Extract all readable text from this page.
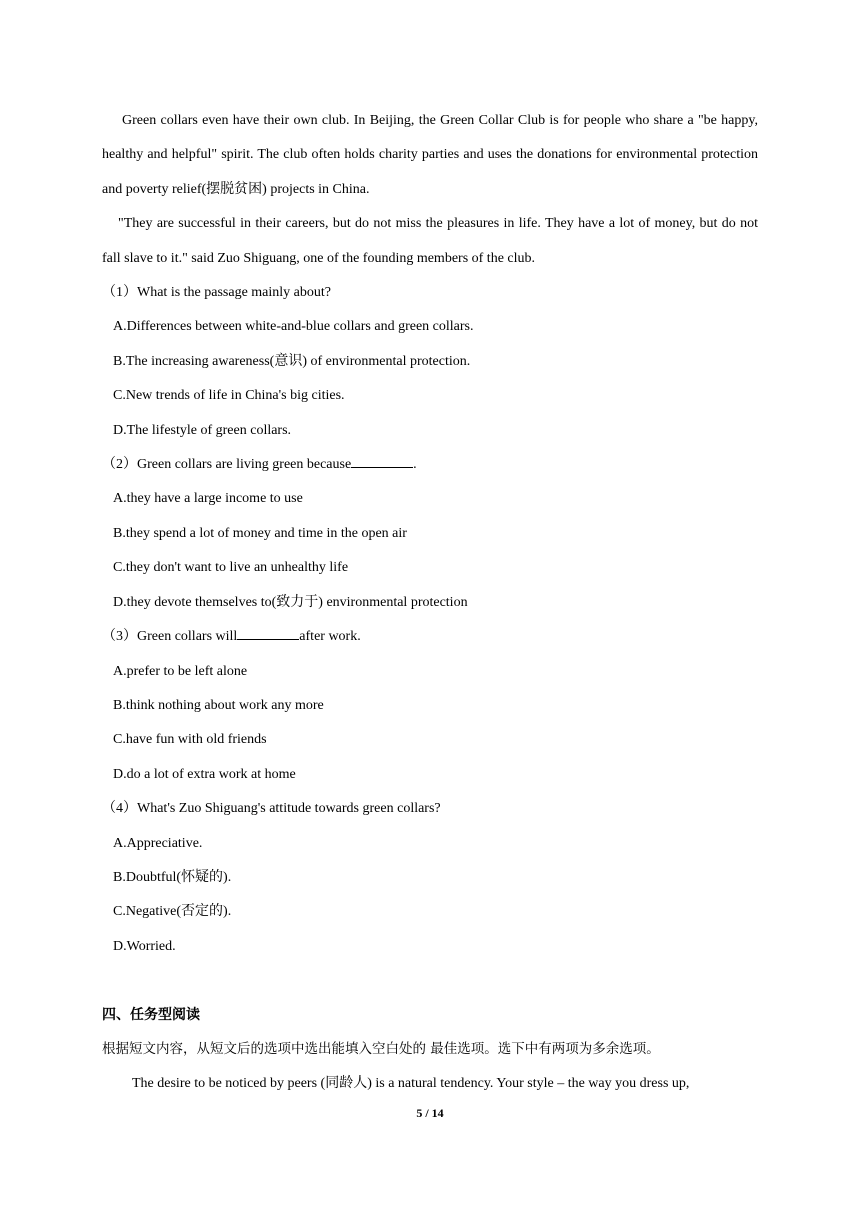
Green collars even have their own club. In Beijing, the Green Collar Club is for people who share a "be happy, healthy and helpful" spirit. The club often holds charity parties and uses the donations for environmental protection and poverty relief(摆脱贫困) projects in China.

"They are successful in their careers, but do not miss the pleasures in life. They have a lot of money, but do not fall slave to it." said Zuo Shiguang, one of the founding members of the club.

（1）What is the passage mainly about?

A.Differences between white-and-blue collars and green collars.

B.The increasing awareness(意识) of environmental protection.

C.New trends of life in China's big cities.

D.The lifestyle of green collars.

（2）Green collars are living green because	.

A.they have a large income to use

B.they spend a lot of money and time in the open air

C.they don't want to live an unhealthy life

D.they devote themselves to(致力于) environmental protection

（3）Green collars will	after work.

A.prefer to be left alone

B.think nothing about work any more

C.have fun with old friends

D.do a lot of extra work at home

（4）What's Zuo Shiguang's attitude towards green collars?

A.Appreciative.

B.Doubtful(怀疑的).

C.Negative(否定的).

D.Worried.

四、任务型阅读

根据短文内容，从短文后的选项中选出能填入空白处的 最佳选项。选下中有两项为多余选项。

The desire to be noticed by peers (同龄人) is a natural tendency. Your style – the way you dress up,

5 / 14
